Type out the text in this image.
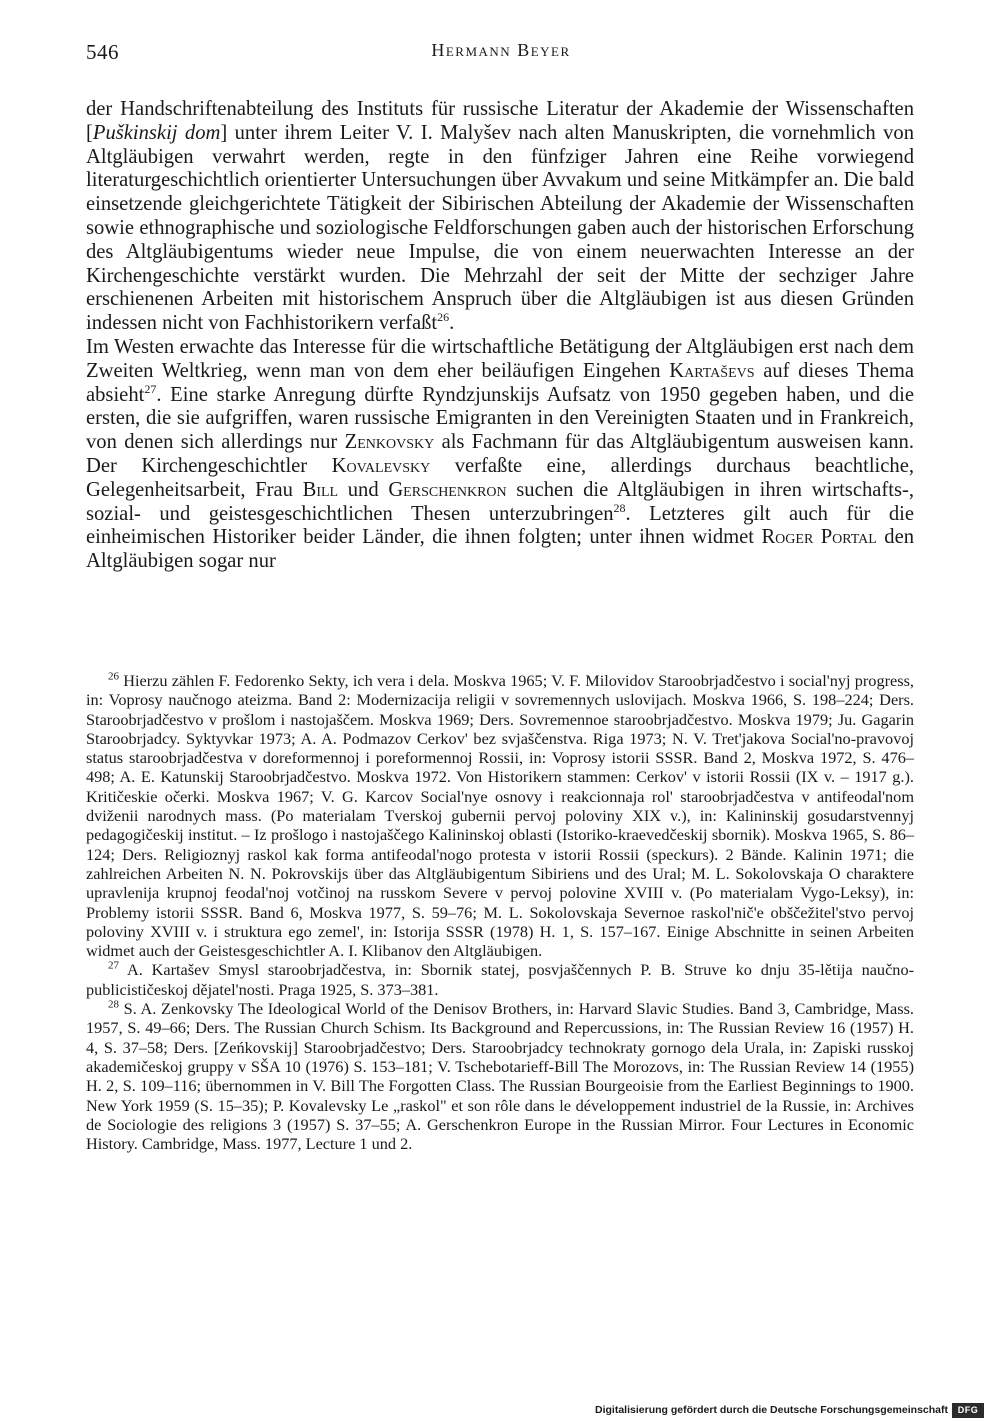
546	Hermann Beyer

der Handschriftenabteilung des Instituts für russische Literatur der Akademie der Wissenschaften [Puškinskij dom] unter ihrem Leiter V. I. Malyšev nach alten Manuskripten, die vornehmlich von Altgläubigen verwahrt werden, regte in den fünfziger Jahren eine Reihe vorwiegend literaturgeschichtlich orientierter Untersuchungen über Avvakum und seine Mitkämpfer an. Die bald einsetzende gleichgerichtete Tätigkeit der Sibirischen Abteilung der Akademie der Wissenschaften sowie ethnographische und soziologische Feldforschungen gaben auch der historischen Erforschung des Altgläubigentums wieder neue Impulse, die von einem neuerwachten Interesse an der Kirchengeschichte verstärkt wurden. Die Mehrzahl der seit der Mitte der sechziger Jahre erschienenen Arbeiten mit historischem Anspruch über die Altgläubigen ist aus diesen Gründen indessen nicht von Fachhistorikern verfaßt$^{26}$.

Im Westen erwachte das Interesse für die wirtschaftliche Betätigung der Altgläubigen erst nach dem Zweiten Weltkrieg, wenn man von dem eher beiläufigen Eingehen Kartaševs auf dieses Thema absieht$^{27}$. Eine starke Anregung dürfte Ryndzjunskijs Aufsatz von 1950 gegeben haben, und die ersten, die sie aufgriffen, waren russische Emigranten in den Vereinigten Staaten und in Frankreich, von denen sich allerdings nur Zenkovsky als Fachmann für das Altgläubigentum ausweisen kann. Der Kirchengeschichtler Kovalevsky verfaßte eine, allerdings durchaus beachtliche, Gelegenheitsarbeit, Frau Bill und Gerschenkron suchen die Altgläubigen in ihren wirtschafts-, sozial- und geistesgeschichtlichen Thesen unterzubringen$^{28}$. Letzteres gilt auch für die einheimischen Historiker beider Länder, die ihnen folgten; unter ihnen widmet Roger Portal den Altgläubigen sogar nur

$^{26}$ Hierzu zählen F. Fedorenko Sekty, ich vera i dela. Moskva 1965; V. F. Milovidov Staroobrjadčestvo i social'nyj progress, in: Voprosy naučnogo ateizma. Band 2: Modernizacija religii v sovremennych uslovijach. Moskva 1966, S. 198–224; Ders. Staroobrjadčestvo v prošlom i nastojaščem. Moskva 1969; Ders. Sovremennoe staroobrjadčestvo. Moskva 1979; Ju. Gagarin Staroobrjadcy. Syktyvkar 1973; A. A. Podmazov Cerkov' bez svjaščenstva. Riga 1973; N. V. Tret'jakova Social'no-pravovoj status staroobrjadčestva v doreformennoj i poreformennoj Rossii, in: Voprosy istorii SSSR. Band 2, Moskva 1972, S. 476–498; A. E. Katunskij Staroobrjadčestvo. Moskva 1972. Von Historikern stammen: Cerkov' v istorii Rossii (IX v. – 1917 g.). Kritičeskie očerki. Moskva 1967; V. G. Karcov Social'nye osnovy i reakcionnaja rol' staroobrjadčestva v antifeodal'nom dviženii narodnych mass. (Po materialam Tverskoj gubernii pervoj poloviny XIX v.), in: Kalininskij gosudarstvennyj pedagogičeskij institut. – Iz prošlogo i nastojaščego Kalininskoj oblasti (Istoriko-kraevedčeskij sbornik). Moskva 1965, S. 86–124; Ders. Religioznyj raskol kak forma antifeodal'nogo protesta v istorii Rossii (speckurs). 2 Bände. Kalinin 1971; die zahlreichen Arbeiten N. N. Pokrovskijs über das Altgläubigentum Sibiriens und des Ural; M. L. Sokolovskaja O charaktere upravlenija krupnoj feodal'noj votčinoj na russkom Severe v pervoj polovine XVIII v. (Po materialam Vygo-Leksy), in: Problemy istorii SSSR. Band 6, Moskva 1977, S. 59–76; M. L. Sokolovskaja Severnoe raskol'nič'e obščežitel'stvo pervoj poloviny XVIII v. i struktura ego zemel', in: Istorija SSSR (1978) H. 1, S. 157–167. Einige Abschnitte in seinen Arbeiten widmet auch der Geistesgeschichtler A. I. Klibanov den Altgläubigen.

$^{27}$ A. Kartašev Smysl staroobrjadčestva, in: Sbornik statej, posvjaščennych P. B. Struve ko dnju 35-lětija naučno-publicističeskoj dějatel'nosti. Praga 1925, S. 373–381.

$^{28}$ S. A. Zenkovsky The Ideological World of the Denisov Brothers, in: Harvard Slavic Studies. Band 3, Cambridge, Mass. 1957, S. 49–66; Ders. The Russian Church Schism. Its Background and Repercussions, in: The Russian Review 16 (1957) H. 4, S. 37–58; Ders. [Zeńkovskij] Staroobrjadčestvo; Ders. Staroobrjadcy technokraty gornogo dela Urala, in: Zapiski russkoj akademičeskoj gruppy v SŠA 10 (1976) S. 153–181; V. Tschebotarieff-Bill The Morozovs, in: The Russian Review 14 (1955) H. 2, S. 109–116; übernommen in V. Bill The Forgotten Class. The Russian Bourgeoisie from the Earliest Beginnings to 1900. New York 1959 (S. 15–35); P. Kovalevsky Le „raskol" et son rôle dans le développement industriel de la Russie, in: Archives de Sociologie des religions 3 (1957) S. 37–55; A. Gerschenkron Europe in the Russian Mirror. Four Lectures in Economic History. Cambridge, Mass. 1977, Lecture 1 und 2.

Digitalisierung gefördert durch die Deutsche Forschungsgemeinschaft	DFG
